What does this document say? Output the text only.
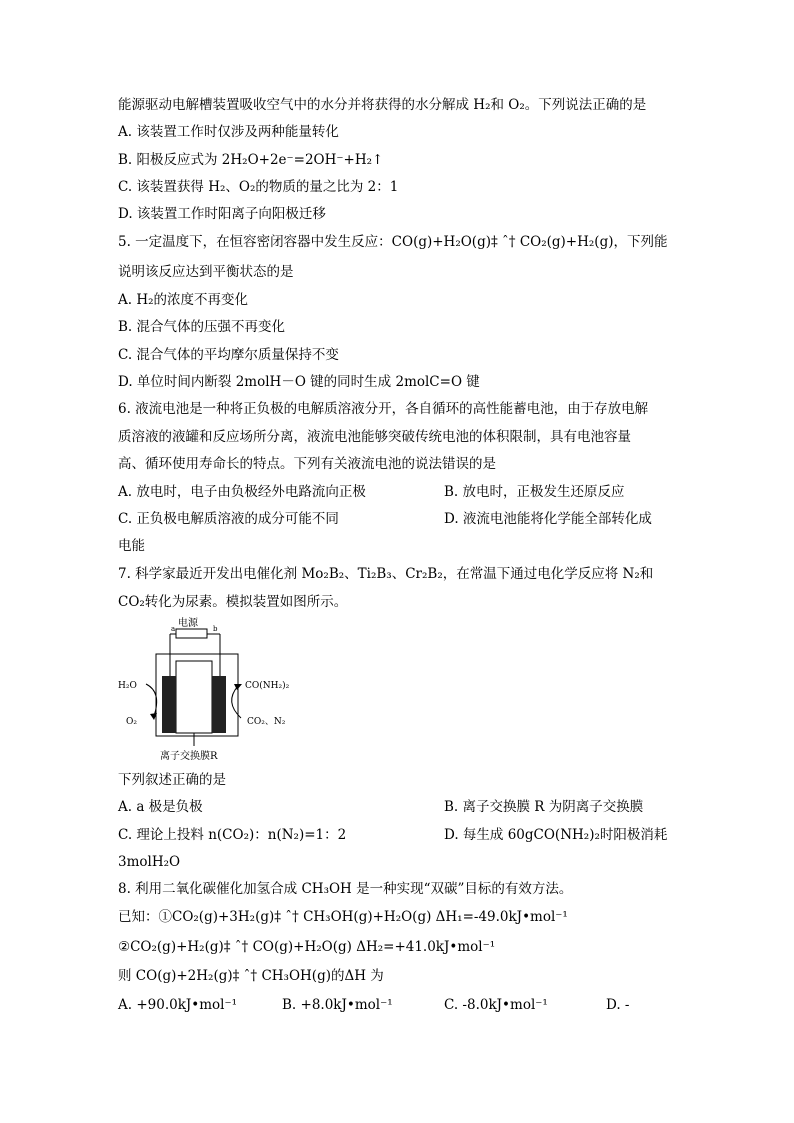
能源驱动电解槽装置吸收空气中的水分并将获得的水分解成 H₂和 O₂。下列说法正确的是
A. 该装置工作时仅涉及两种能量转化
B. 阳极反应式为 2H₂O+2e⁻=2OH⁻+H₂↑
C. 该装置获得 H₂、O₂的物质的量之比为 2：1
D. 该装置工作时阳离子向阳极迁移
5. 一定温度下，在恒容密闭容器中发生反应：CO(g)+H₂O(g)‡ ˆ† CO₂(g)+H₂(g)，下列能
说明该反应达到平衡状态的是
A. H₂的浓度不再变化
B. 混合气体的压强不再变化
C. 混合气体的平均摩尔质量保持不变
D. 单位时间内断裂 2molH－O 键的同时生成 2molC=O 键
6. 液流电池是一种将正负极的电解质溶液分开，各自循环的高性能蓄电池，由于存放电解
质溶液的液罐和反应场所分离，液流电池能够突破传统电池的体积限制，具有电池容量
高、循环使用寿命长的特点。下列有关液流电池的说法错误的是
A. 放电时，电子由负极经外电路流向正极	B. 放电时，正极发生还原反应
C. 正负极电解质溶液的成分可能不同	D. 液流电池能将化学能全部转化成
电能
7. 科学家最近开发出电催化剂 Mo₂B₂、Ti₂B₃、Cr₂B₂，在常温下通过电化学反应将 N₂和
CO₂转化为尿素。模拟装置如图所示。
电源
a	b
H₂O
O₂
CO(NH₂)₂
CO₂、N₂
离子交换膜R
下列叙述正确的是
A. a 极是负极	B. 离子交换膜 R 为阴离子交换膜
C. 理论上投料 n(CO₂)：n(N₂)=1：2	D. 每生成 60gCO(NH₂)₂时阳极消耗
3molH₂O
8. 利用二氧化碳催化加氢合成 CH₃OH 是一种实现“双碳”目标的有效方法。
已知：①CO₂(g)+3H₂(g)‡ ˆ† CH₃OH(g)+H₂O(g) ΔH₁=-49.0kJ•mol⁻¹
②CO₂(g)+H₂(g)‡ ˆ† CO(g)+H₂O(g) ΔH₂=+41.0kJ•mol⁻¹
则 CO(g)+2H₂(g)‡ ˆ† CH₃OH(g)的ΔH 为
A. +90.0kJ•mol⁻¹	B. +8.0kJ•mol⁻¹	C. -8.0kJ•mol⁻¹	D. -
